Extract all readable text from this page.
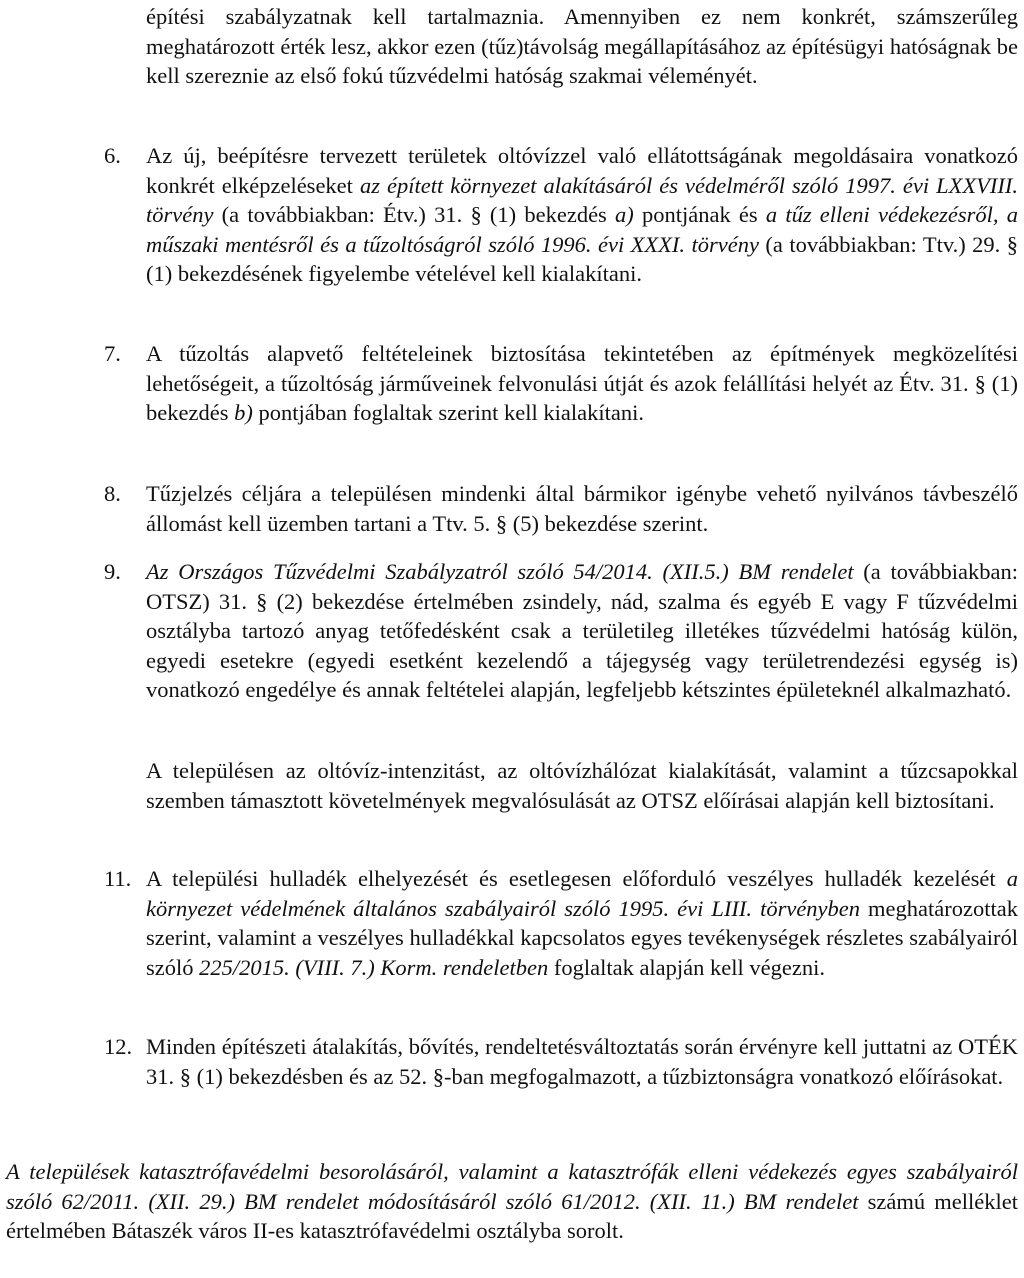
építési szabályzatnak kell tartalmaznia. Amennyiben ez nem konkrét, számszerűleg meghatározott érték lesz, akkor ezen (tűz)távolság megállapításához az építésügyi hatóságnak be kell szereznie az első fokú tűzvédelmi hatóság szakmai véleményét.

6.	Az új, beépítésre tervezett területek oltóvízzel való ellátottságának megoldásaira vonatkozó konkrét elképzeléseket az épített környezet alakításáról és védelméről szóló 1997. évi LXXVIII. törvény (a továbbiakban: Étv.) 31. § (1) bekezdés a) pontjának és a tűz elleni védekezésről, a műszaki mentésről és a tűzoltóságról szóló 1996. évi XXXI. törvény (a továbbiakban: Ttv.) 29. § (1) bekezdésének figyelembe vételével kell kialakítani.

7.	A tűzoltás alapvető feltételeinek biztosítása tekintetében az építmények megközelítési lehetőségeit, a tűzoltóság járműveinek felvonulási útját és azok felállítási helyét az Étv. 31. § (1) bekezdés b) pontjában foglaltak szerint kell kialakítani.

8.	Tűzjelzés céljára a településen mindenki által bármikor igénybe vehető nyilvános távbeszélő állomást kell üzemben tartani a Ttv. 5. § (5) bekezdése szerint.

9.	Az Országos Tűzvédelmi Szabályzatról szóló 54/2014. (XII.5.) BM rendelet (a továbbiakban: OTSZ) 31. § (2) bekezdése értelmében zsindely, nád, szalma és egyéb E vagy F tűzvédelmi osztályba tartozó anyag tetőfedésként csak a területileg illetékes tűzvédelmi hatóság külön, egyedi esetekre (egyedi esetként kezelendő a tájegység vagy területrendezési egység is) vonatkozó engedélye és annak feltételei alapján, legfeljebb kétszintes épületeknél alkalmazható.

A településen az oltóvíz-intenzitást, az oltóvízhálózat kialakítását, valamint a tűzcsapokkal szemben támasztott követelmények megvalósulását az OTSZ előírásai alapján kell biztosítani.

11. A települési hulladék elhelyezését és esetlegesen előforduló veszélyes hulladék kezelését a környezet védelmének általános szabályairól szóló 1995. évi LIII. törvényben meghatározottak szerint, valamint a veszélyes hulladékkal kapcsolatos egyes tevékenységek részletes szabályairól szóló 225/2015. (VIII. 7.) Korm. rendeletben foglaltak alapján kell végezni.

12. Minden építészeti átalakítás, bővítés, rendeltetésváltoztatás során érvényre kell juttatni az OTÉK 31. § (1) bekezdésben és az 52. §-ban megfogalmazott, a tűzbiztonságra vonatkozó előírásokat.

A települések katasztrófavédelmi besorolásáról, valamint a katasztrófák elleni védekezés egyes szabályairól szóló 62/2011. (XII. 29.) BM rendelet módosításáról szóló 61/2012. (XII. 11.) BM rendelet számú melléklet értelmében Bátaszék város II-es katasztrófavédelmi osztályba sorolt.
